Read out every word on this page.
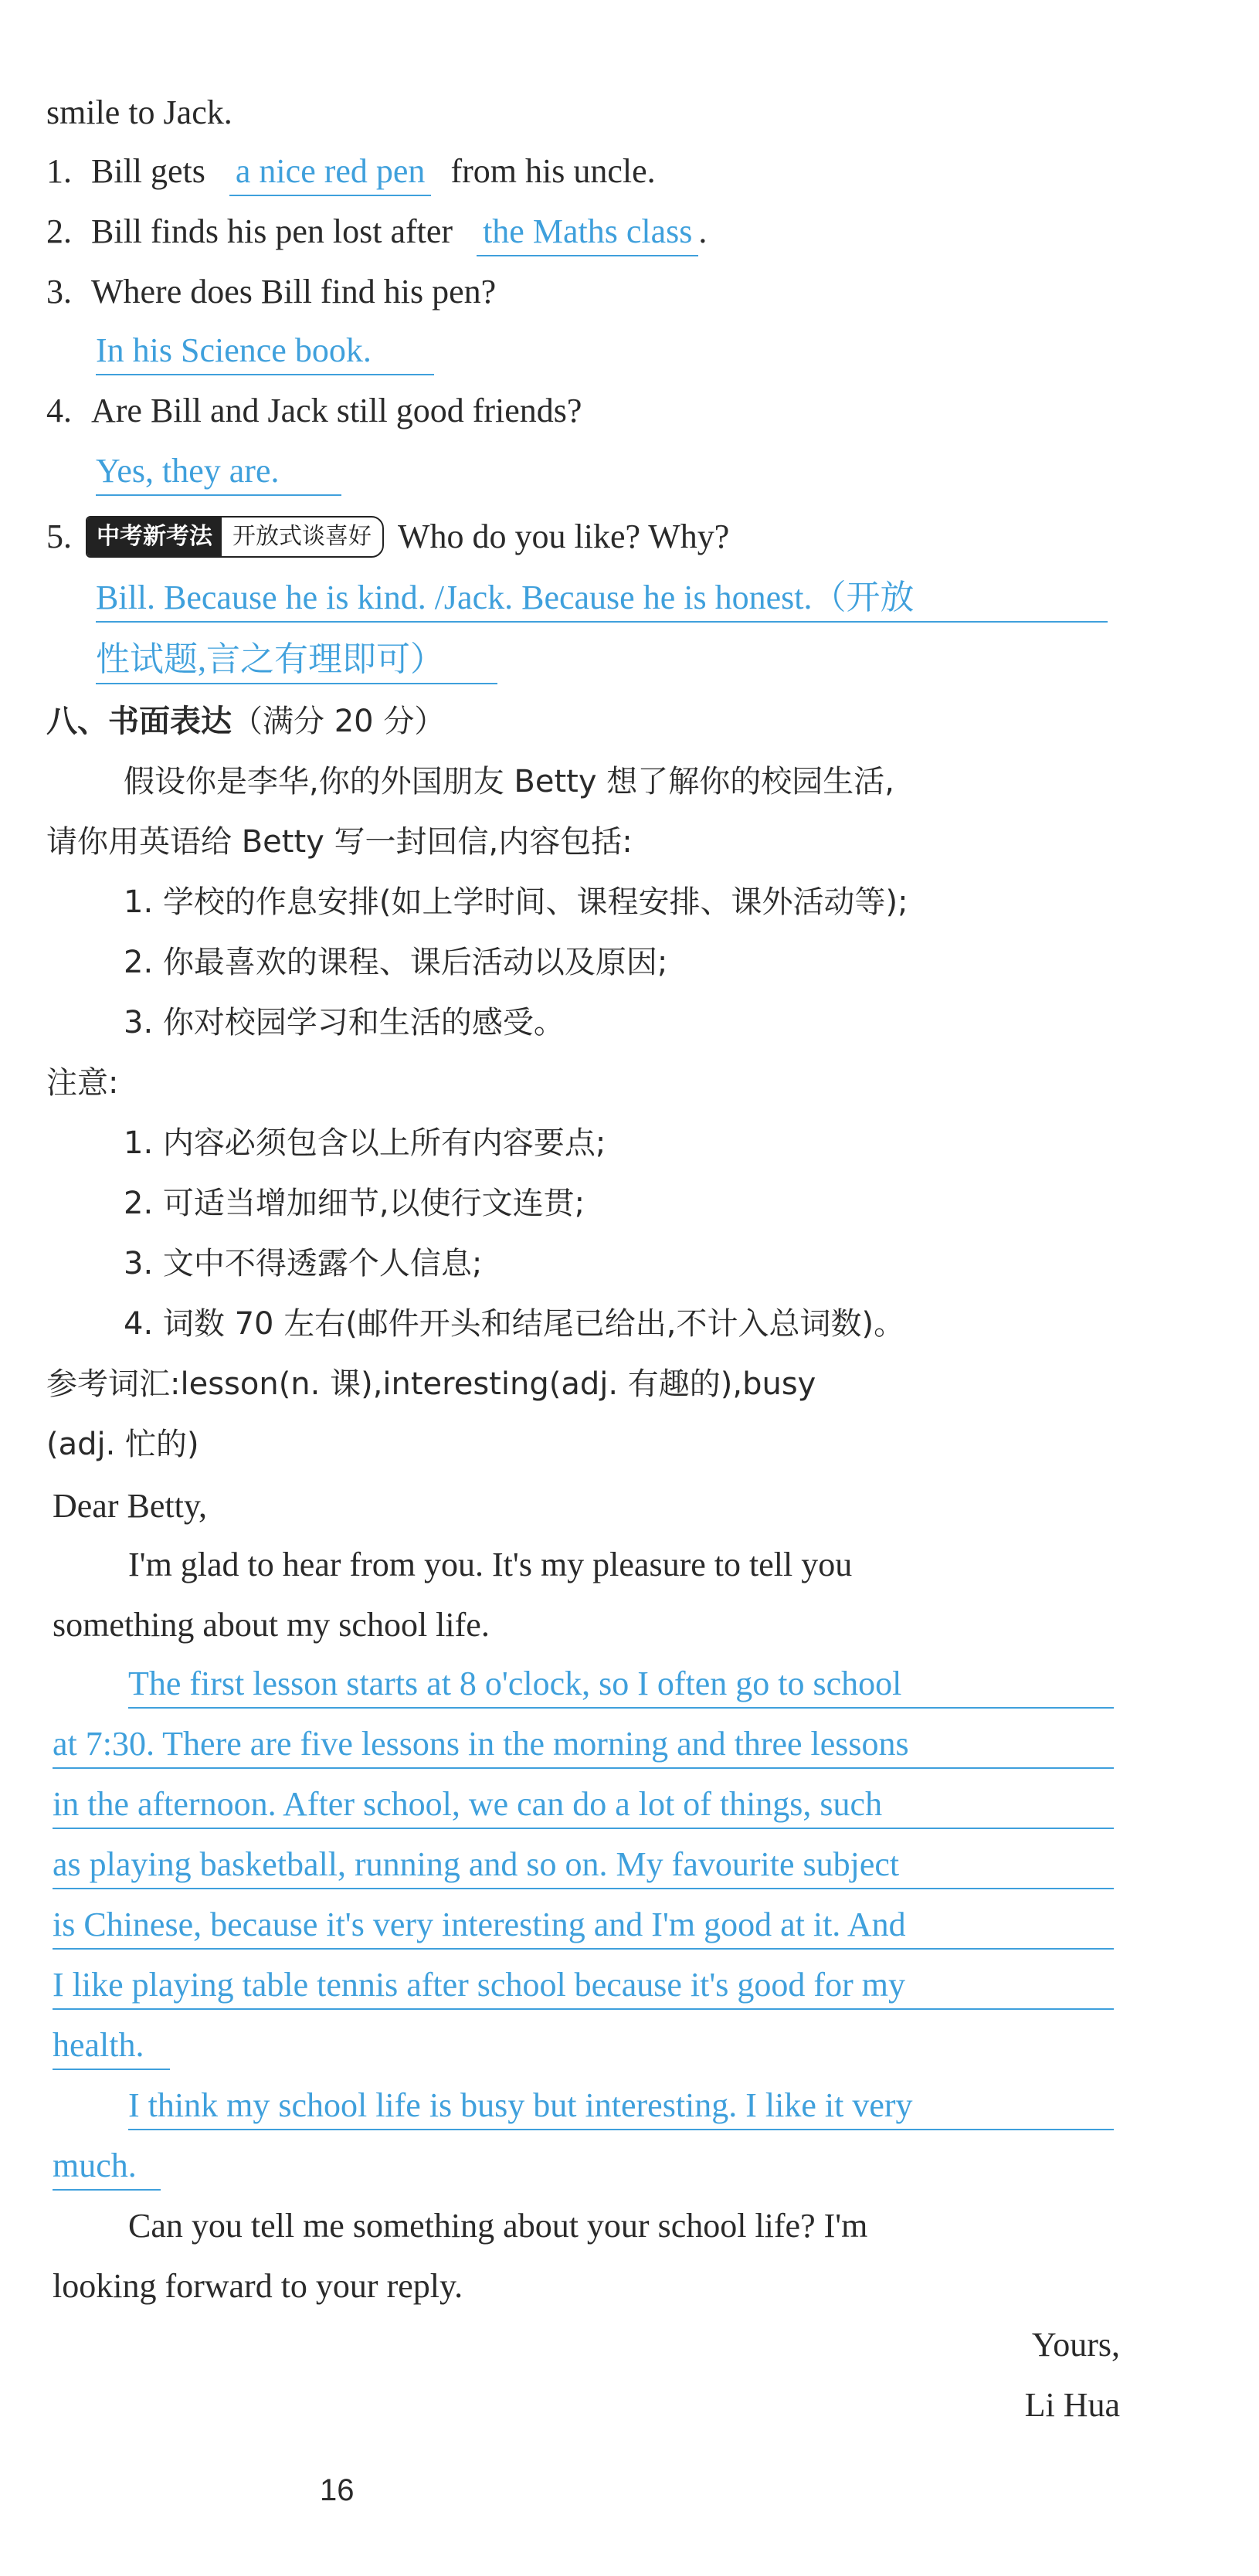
smile to Jack.
1. Bill gets a nice red pen from his uncle.
2. Bill finds his pen lost after the Maths class .
3. Where does Bill find his pen?
In his Science book.
4. Are Bill and Jack still good friends?
Yes, they are.
5.	中考新考法 开放式谈喜好 Who do you like? Why?
Bill. Because he is kind. /Jack. Because he is honest.（开放
性试题,言之有理即可）
八、书面表达（满分 20 分）
假设你是李华,你的外国朋友 Betty 想了解你的校园生活,
请你用英语给 Betty 写一封回信,内容包括:
1. 学校的作息安排(如上学时间、课程安排、课外活动等);
2. 你最喜欢的课程、课后活动以及原因;
3. 你对校园学习和生活的感受。
注意:
1. 内容必须包含以上所有内容要点;
2. 可适当增加细节,以使行文连贯;
3. 文中不得透露个人信息;
4. 词数 70 左右(邮件开头和结尾已给出,不计入总词数)。
参考词汇:lesson(n. 课),interesting(adj. 有趣的),busy
(adj. 忙的)
Dear Betty,
I'm glad to hear from you. It's my pleasure to tell you
something about my school life.
The first lesson starts at 8 o'clock, so I often go to school
at 7:30. There are five lessons in the morning and three lessons
in the afternoon. After school, we can do a lot of things, such
as playing basketball, running and so on. My favourite subject
is Chinese, because it's very interesting and I'm good at it. And
I like playing table tennis after school because it's good for my
health.
I think my school life is busy but interesting. I like it very
much.
Can you tell me something about your school life? I'm
looking forward to your reply.
Yours,
Li Hua
16
